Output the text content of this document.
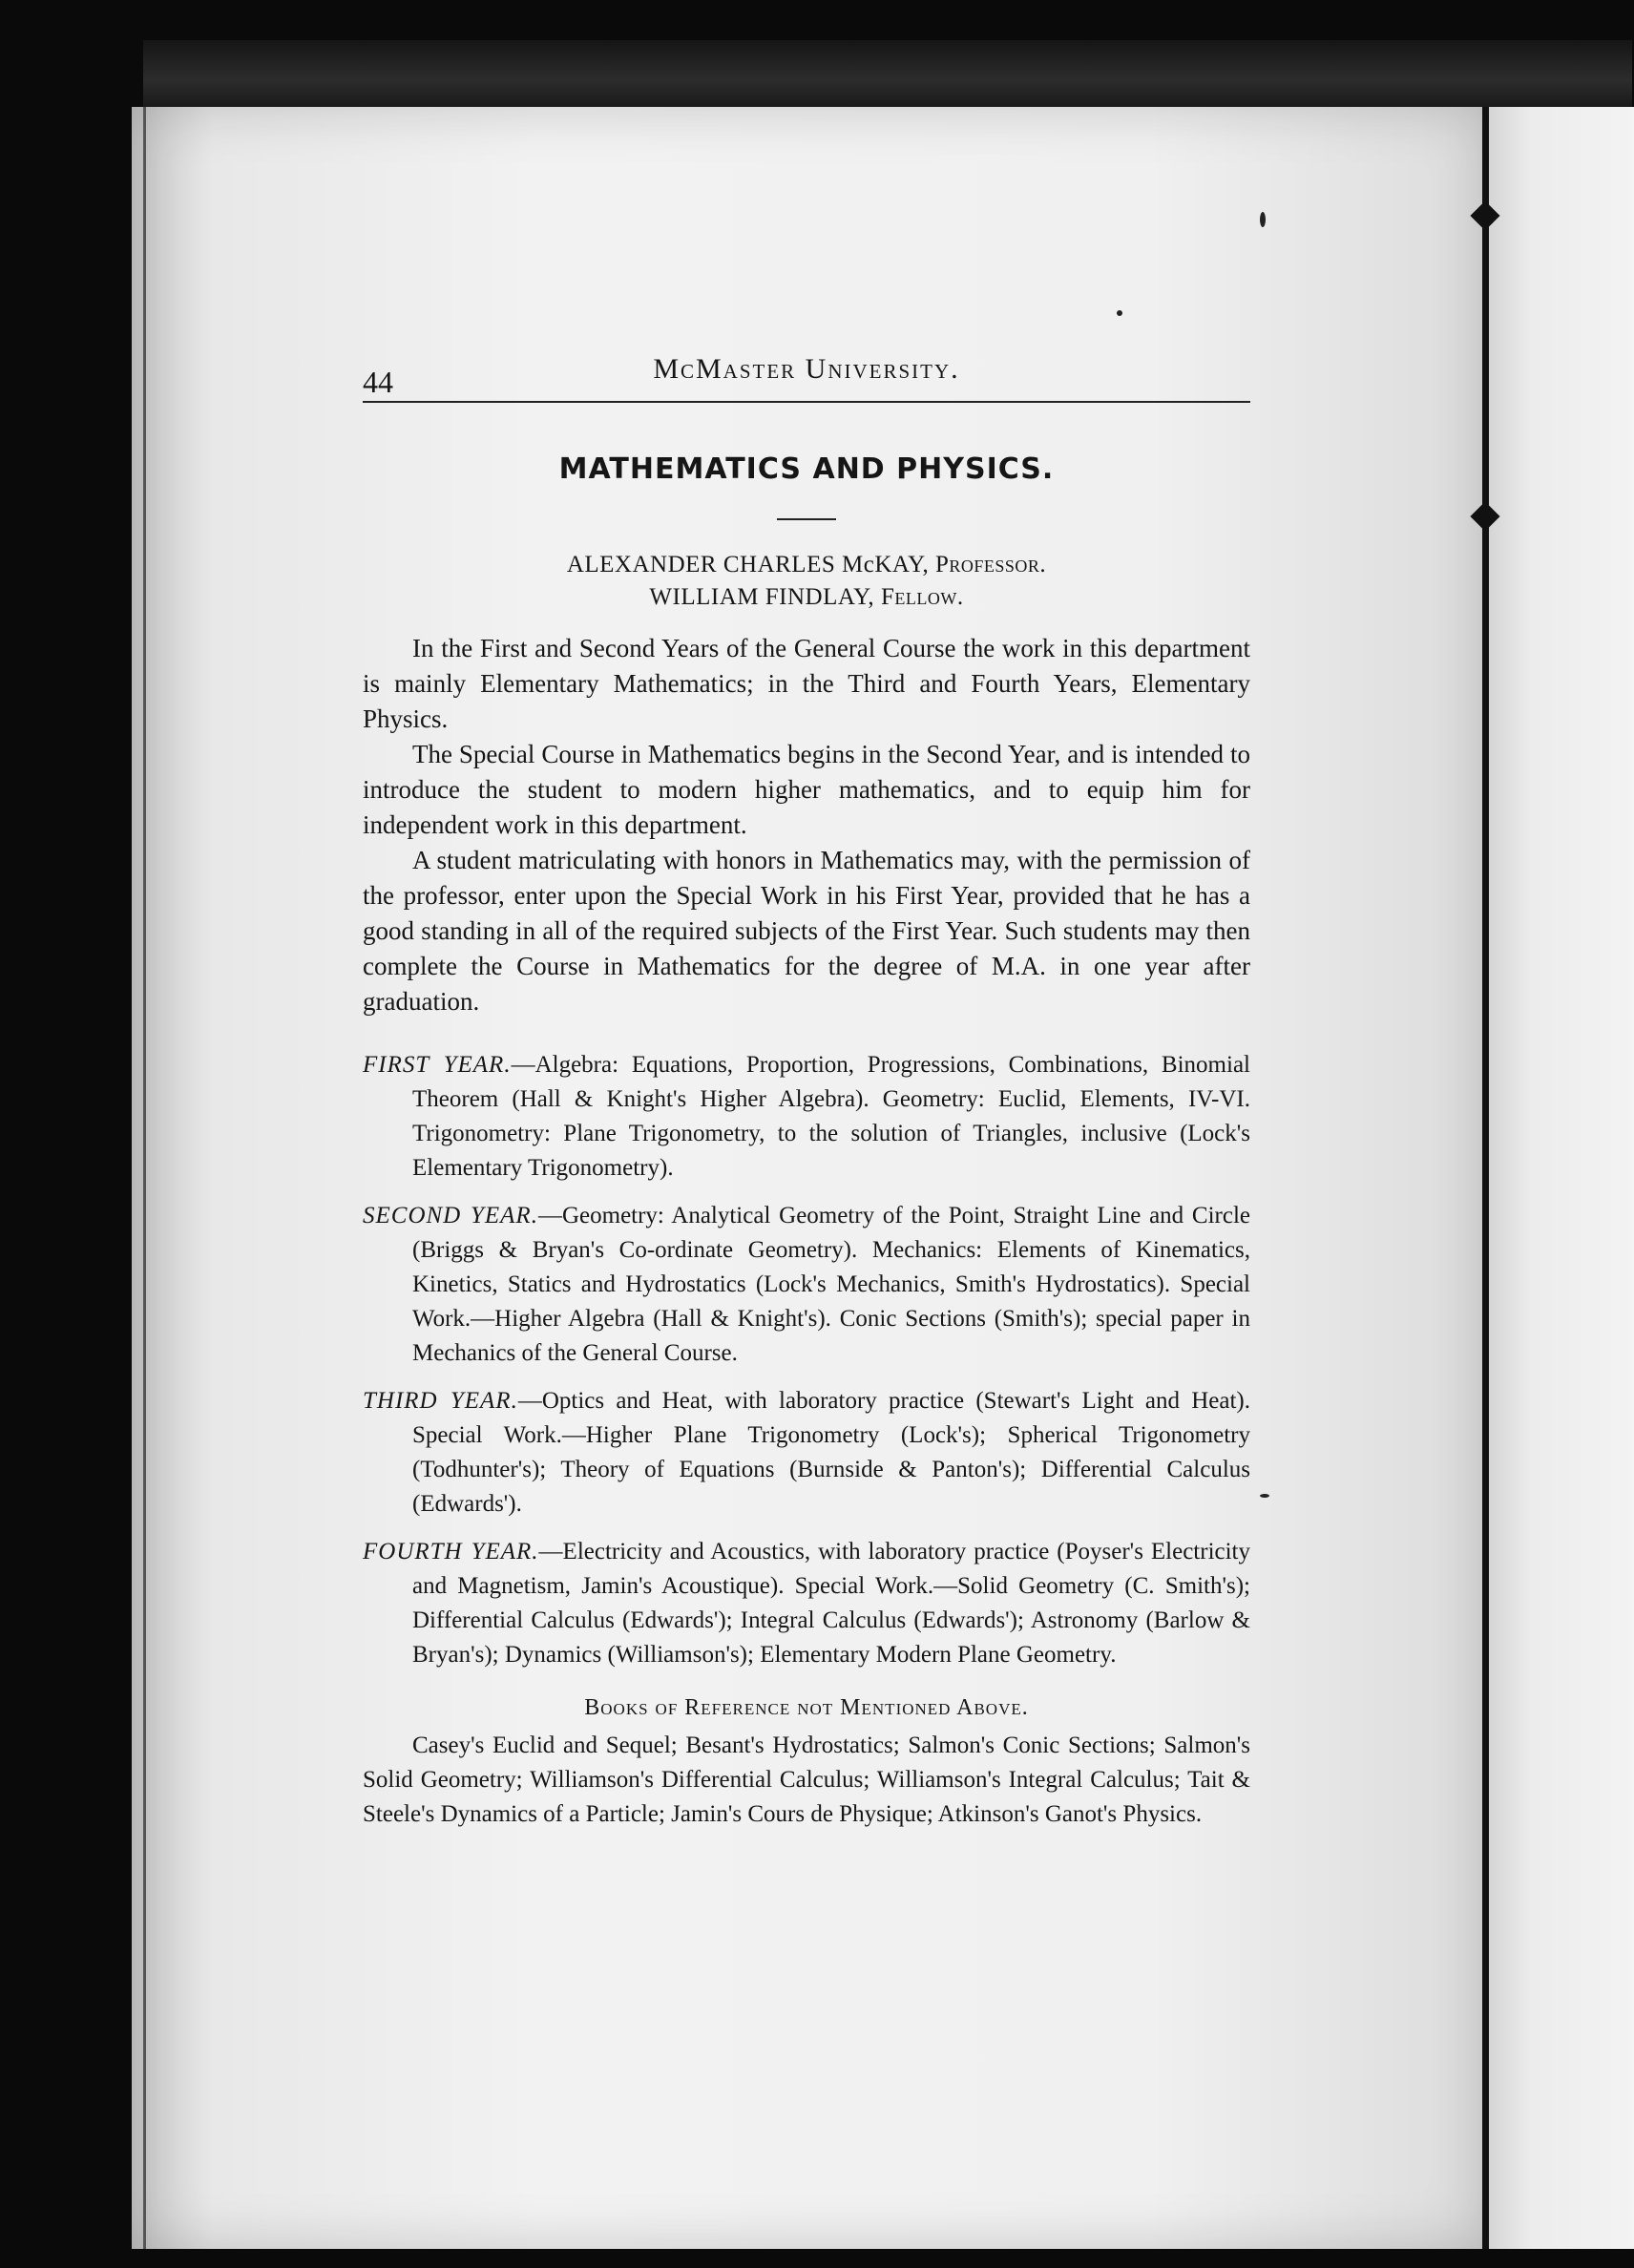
44	McMaster University.
MATHEMATICS AND PHYSICS.
ALEXANDER CHARLES McKAY, Professor.
WILLIAM FINDLAY, Fellow.

In the First and Second Years of the General Course the work in this department is mainly Elementary Mathematics; in the Third and Fourth Years, Elementary Physics.

The Special Course in Mathematics begins in the Second Year, and is intended to introduce the student to modern higher mathematics, and to equip him for independent work in this department.

A student matriculating with honors in Mathematics may, with the permission of the professor, enter upon the Special Work in his First Year, provided that he has a good standing in all of the required subjects of the First Year. Such students may then complete the Course in Mathematics for the degree of M.A. in one year after graduation.

FIRST YEAR.—Algebra: Equations, Proportion, Progressions, Combinations, Binomial Theorem (Hall & Knight's Higher Algebra). Geometry: Euclid, Elements, IV-VI. Trigonometry: Plane Trigonometry, to the solution of Triangles, inclusive (Lock's Elementary Trigonometry).

SECOND YEAR.—Geometry: Analytical Geometry of the Point, Straight Line and Circle (Briggs & Bryan's Co-ordinate Geometry). Mechanics: Elements of Kinematics, Kinetics, Statics and Hydrostatics (Lock's Mechanics, Smith's Hydrostatics). Special Work.—Higher Algebra (Hall & Knight's). Conic Sections (Smith's); special paper in Mechanics of the General Course.

THIRD YEAR.—Optics and Heat, with laboratory practice (Stewart's Light and Heat). Special Work.—Higher Plane Trigonometry (Lock's); Spherical Trigonometry (Todhunter's); Theory of Equations (Burnside & Panton's); Differential Calculus (Edwards').

FOURTH YEAR.—Electricity and Acoustics, with laboratory practice (Poyser's Electricity and Magnetism, Jamin's Acoustique). Special Work.—Solid Geometry (C. Smith's); Differential Calculus (Edwards'); Integral Calculus (Edwards'); Astronomy (Barlow & Bryan's); Dynamics (Williamson's); Elementary Modern Plane Geometry.

Books of Reference not Mentioned Above.

Casey's Euclid and Sequel; Besant's Hydrostatics; Salmon's Conic Sections; Salmon's Solid Geometry; Williamson's Differential Calculus; Williamson's Integral Calculus; Tait & Steele's Dynamics of a Particle; Jamin's Cours de Physique; Atkinson's Ganot's Physics.
